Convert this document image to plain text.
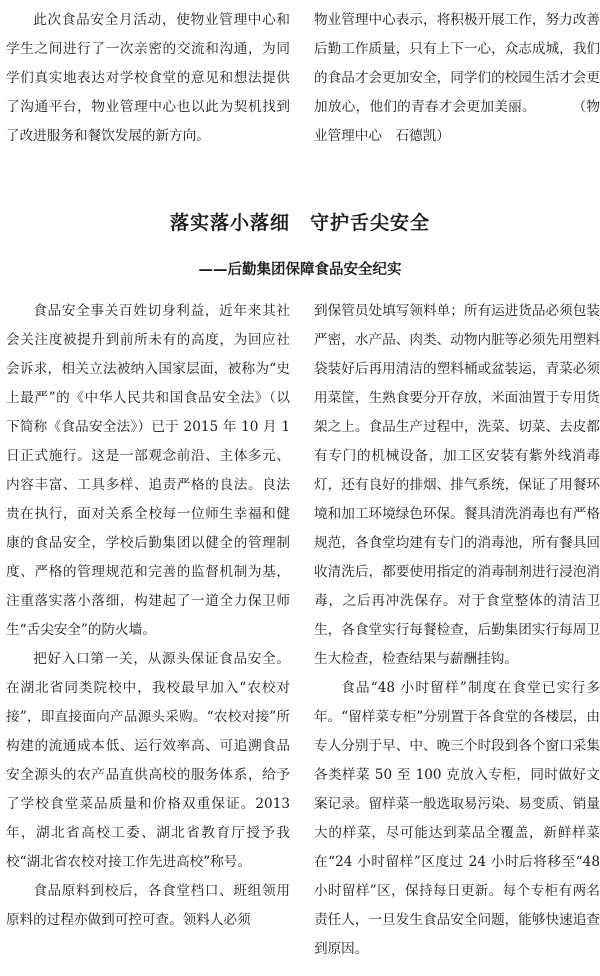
此次食品安全月活动，使物业管理中心和学生之间进行了一次亲密的交流和沟通，为同学们真实地表达对学校食堂的意见和想法提供了沟通平台，物业管理中心也以此为契机找到了改进服务和餐饮发展的新方向。

物业管理中心表示，将积极开展工作，努力改善后勤工作质量，只有上下一心，众志成城，我们的食品才会更加安全，同学们的校园生活才会更加放心，他们的青春才会更加美丽。	（物业管理中心　石德凯）

落实落小落细　守护舌尖安全
——后勤集团保障食品安全纪实

食品安全事关百姓切身利益，近年来其社会关注度被提升到前所未有的高度，为回应社会诉求，相关立法被纳入国家层面，被称为“史上最严”的《中华人民共和国食品安全法》（以下简称《食品安全法》）已于 2015 年 10 月 1 日正式施行。这是一部观念前沿、主体多元、内容丰富、工具多样、追责严格的良法。良法贵在执行，面对关系全校每一位师生幸福和健康的食品安全，学校后勤集团以健全的管理制度、严格的管理规范和完善的监督机制为基，注重落实落小落细，构建起了一道全力保卫师生“舌尖安全”的防火墙。

把好入口第一关，从源头保证食品安全。在湖北省同类院校中，我校最早加入“农校对接”，即直接面向产品源头采购。“农校对接”所构建的流通成本低、运行效率高、可追溯食品安全源头的农产品直供高校的服务体系，给予了学校食堂菜品质量和价格双重保证。2013 年，湖北省高校工委、湖北省教育厅授予我校“湖北省农校对接工作先进高校”称号。

食品原料到校后，各食堂档口、班组领用原料的过程亦做到可控可查。领料人必须

到保管员处填写领料单；所有运进货品必须包装严密，水产品、肉类、动物内脏等必须先用塑料袋装好后再用清洁的塑料桶或盆装运，青菜必须用菜筐，生熟食要分开存放，米面油置于专用货架之上。食品生产过程中，洗菜、切菜、去皮都有专门的机械设备，加工区安装有紫外线消毒灯，还有良好的排烟、排气系统，保证了用餐环境和加工环境绿色环保。餐具清洗消毒也有严格规范，各食堂均建有专门的消毒池，所有餐具回收清洗后，都要使用指定的消毒制剂进行浸泡消毒，之后再冲洗保存。对于食堂整体的清洁卫生，各食堂实行每餐检查，后勤集团实行每周卫生大检查，检查结果与薪酬挂钩。

食品“48 小时留样”制度在食堂已实行多年。“留样菜专柜”分别置于各食堂的各楼层，由专人分别于早、中、晚三个时段到各个窗口采集各类样菜 50 至 100 克放入专柜，同时做好文案记录。留样菜一般选取易污染、易变质、销量大的样菜，尽可能达到菜品全覆盖，新鲜样菜在“24 小时留样”区度过 24 小时后将移至“48 小时留样”区，保持每日更新。每个专柜有两名责任人，一旦发生食品安全问题，能够快速追查到原因。
